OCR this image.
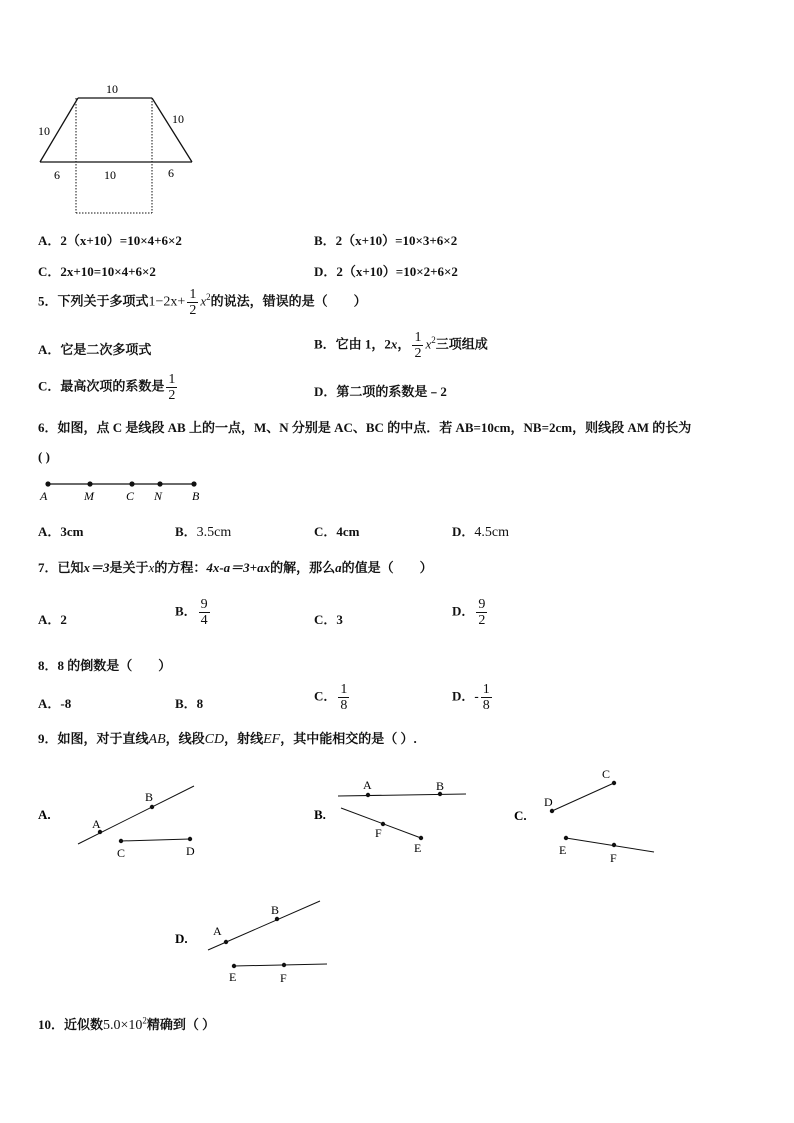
10
10
10
6	10	6
A．2（x+10）=10×4+6×2	B．2（x+10）=10×3+6×2
C．2x+10=10×4+6×2	D．2（x+10）=10×2+6×2
5．下列关于多项式$1-2x+ \frac{1}{2} x^2$的说法，错误的是（　　）
A．它是二次多项式	B．它由 1，2x， $\frac{1}{2} x^2$三项组成
C．最高次项的系数是 $\frac{1}{2}$	D．第二项的系数是﹣2
6．如图，点 C 是线段 AB 上的一点，M、N 分别是 AC、BC 的中点．若 AB=10cm，NB=2cm，则线段 AM 的长为
( )
A	M	C N B
A．3cm	B．3.5cm	C．4cm	D．4.5cm
7．已知x＝3是关于x的方程：4x-a＝3+ax的解，那么a的值是（　　）
A．2
B． $\frac{9}{4}$	C．3
D． $\frac{9}{2}$
8．8 的倒数是（　　）
A．-8	B．8
C． $\frac{1}{8}$	D．- $\frac{1}{8}$
9．如图，对于直线AB，线段CD，射线EF，其中能相交的是（ ）.
A.
A
B
C	D
B.
A	B
F
E
C.
C
D
E
F
D. A
B
E	F
10．近似数$5.0\times 10^2$精确到（ ）
